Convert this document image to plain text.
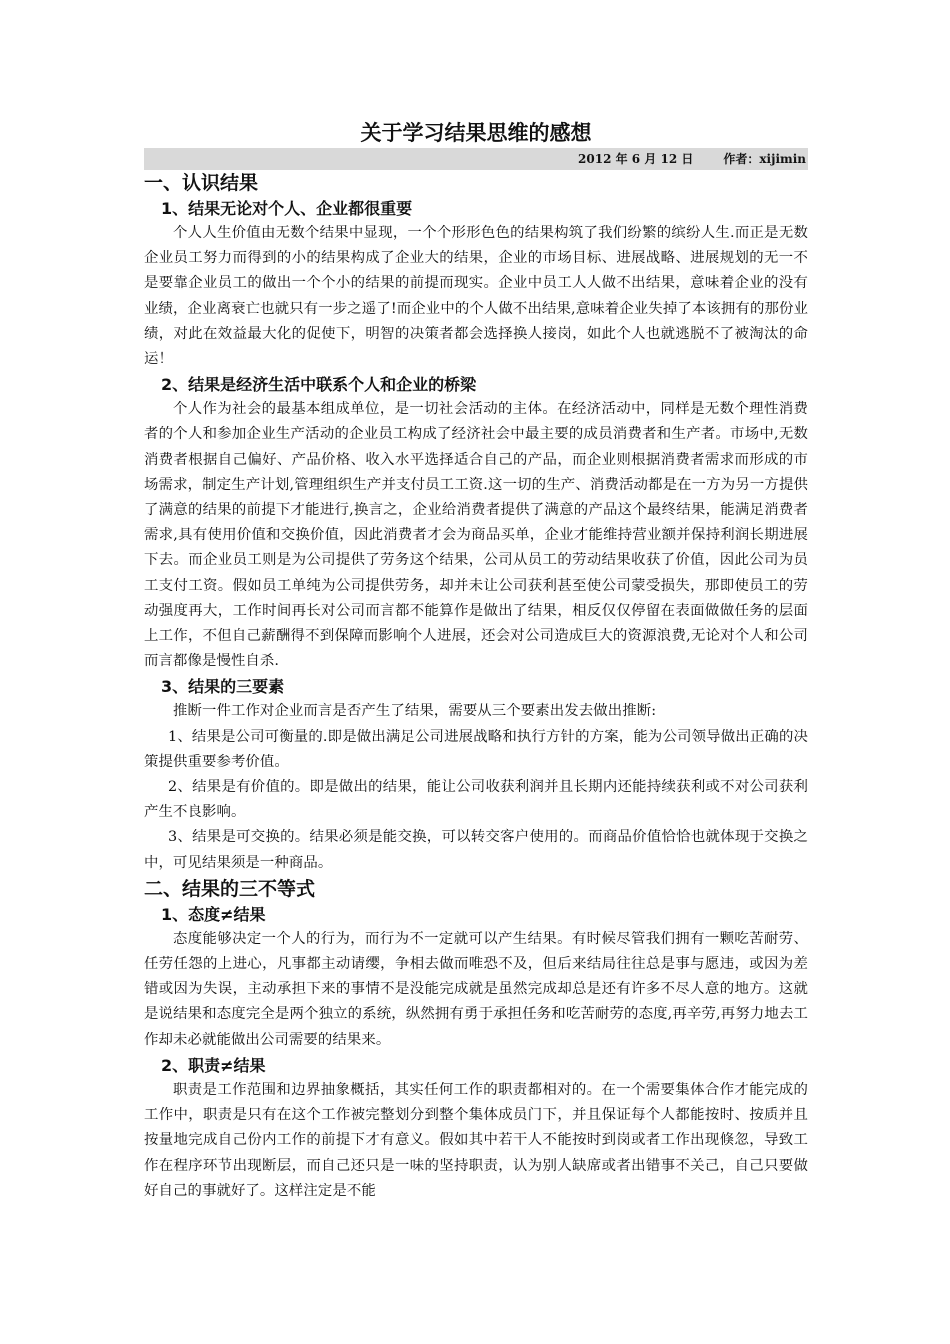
关于学习结果思维的感想
2012 年 6 月 12 日	作者：xijimin
一、认识结果
1、结果无论对个人、企业都很重要

个人人生价值由无数个结果中显现，一个个形形色色的结果构筑了我们纷繁的缤纷人生.而正是无数企业员工努力而得到的小的结果构成了企业大的结果，企业的市场目标、进展战略、进展规划的无一不是要靠企业员工的做出一个个小的结果的前提而现实。企业中员工人人做不出结果，意味着企业的没有业绩，企业离衰亡也就只有一步之遥了!而企业中的个人做不出结果,意味着企业失掉了本该拥有的那份业绩，对此在效益最大化的促使下，明智的决策者都会选择换人接岗，如此个人也就逃脱不了被淘汰的命运！

2、结果是经济生活中联系个人和企业的桥梁

个人作为社会的最基本组成单位，是一切社会活动的主体。在经济活动中，同样是无数个理性消费者的个人和参加企业生产活动的企业员工构成了经济社会中最主要的成员消费者和生产者。市场中,无数消费者根据自己偏好、产品价格、收入水平选择适合自己的产品，而企业则根据消费者需求而形成的市场需求，制定生产计划,管理组织生产并支付员工工资.这一切的生产、消费活动都是在一方为另一方提供了满意的结果的前提下才能进行,换言之，企业给消费者提供了满意的产品这个最终结果，能满足消费者需求,具有使用价值和交换价值，因此消费者才会为商品买单，企业才能维持营业额并保持利润长期进展下去。而企业员工则是为公司提供了劳务这个结果，公司从员工的劳动结果收获了价值，因此公司为员工支付工资。假如员工单纯为公司提供劳务，却并未让公司获利甚至使公司蒙受损失，那即使员工的劳动强度再大，工作时间再长对公司而言都不能算作是做出了结果，相反仅仅停留在表面做做任务的层面上工作，不但自己薪酬得不到保障而影响个人进展，还会对公司造成巨大的资源浪费,无论对个人和公司而言都像是慢性自杀.

3、结果的三要素

推断一件工作对企业而言是否产生了结果，需要从三个要素出发去做出推断:

1、结果是公司可衡量的.即是做出满足公司进展战略和执行方针的方案，能为公司领导做出正确的决策提供重要参考价值。

2、结果是有价值的。即是做出的结果，能让公司收获利润并且长期内还能持续获利或不对公司获利产生不良影响。

3、结果是可交换的。结果必须是能交换，可以转交客户使用的。而商品价值恰恰也就体现于交换之中，可见结果须是一种商品。

二、结果的三不等式
1、态度≠结果

态度能够决定一个人的行为，而行为不一定就可以产生结果。有时候尽管我们拥有一颗吃苦耐劳、任劳任怨的上进心，凡事都主动请缨，争相去做而唯恐不及，但后来结局往往总是事与愿违，或因为差错或因为失误，主动承担下来的事情不是没能完成就是虽然完成却总是还有许多不尽人意的地方。这就是说结果和态度完全是两个独立的系统，纵然拥有勇于承担任务和吃苦耐劳的态度,再辛劳,再努力地去工作却未必就能做出公司需要的结果来。

2、职责≠结果

职责是工作范围和边界抽象概括，其实任何工作的职责都相对的。在一个需要集体合作才能完成的工作中，职责是只有在这个工作被完整划分到整个集体成员门下，并且保证每个人都能按时、按质并且按量地完成自己份内工作的前提下才有意义。假如其中若干人不能按时到岗或者工作出现倏忽，导致工作在程序环节出现断层，而自己还只是一味的坚持职责，认为别人缺席或者出错事不关己，自己只要做好自己的事就好了。这样注定是不能
